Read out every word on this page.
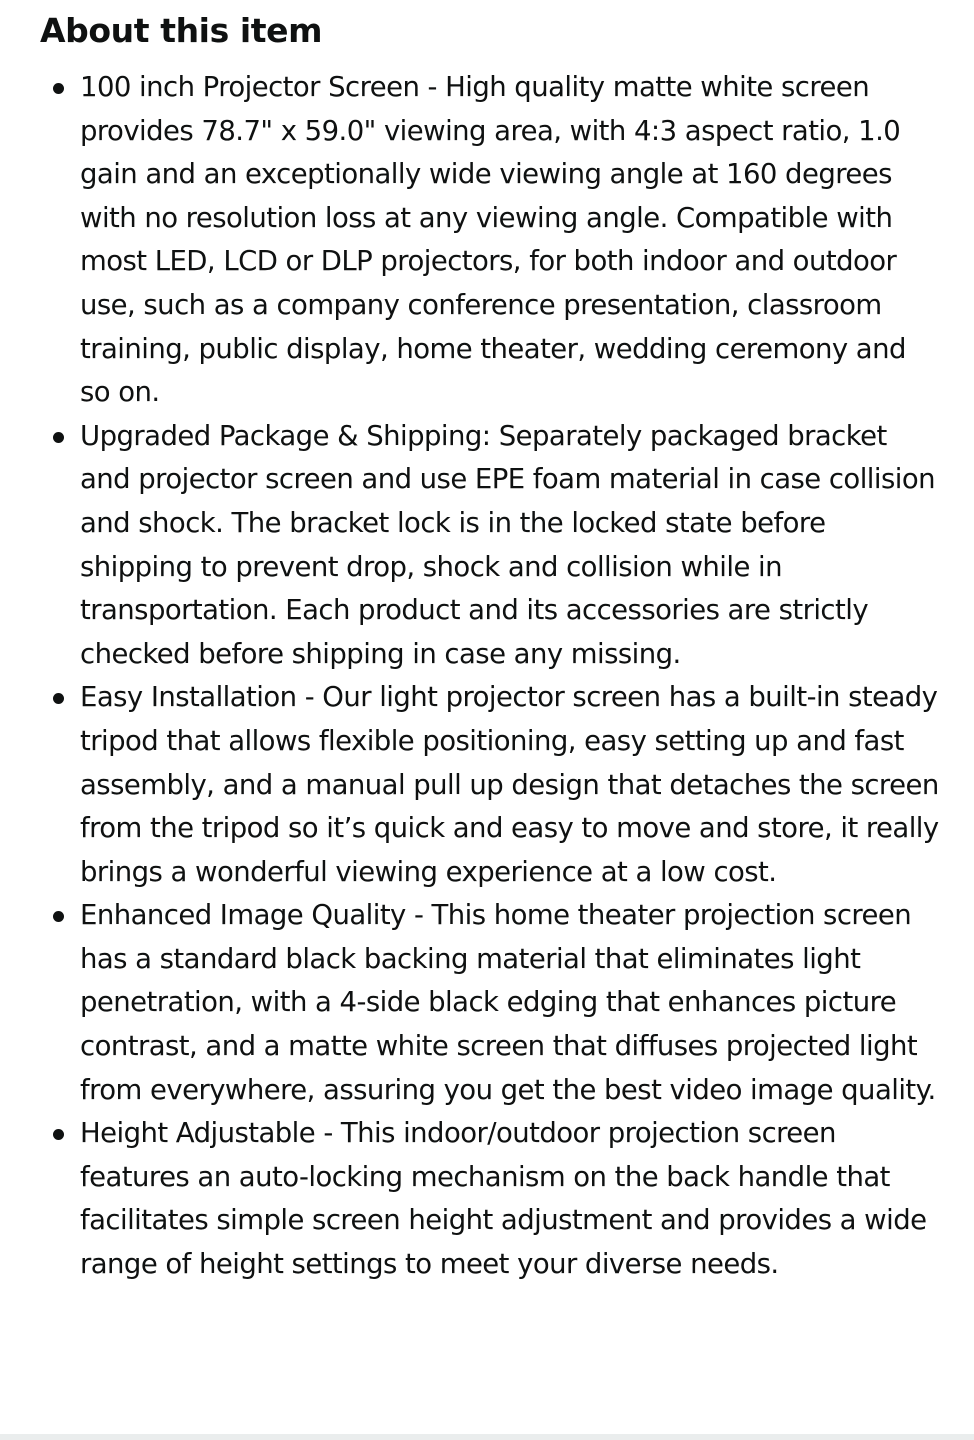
About this item
100 inch Projector Screen - High quality matte white screen provides 78.7" x 59.0" viewing area, with 4:3 aspect ratio, 1.0 gain and an exceptionally wide viewing angle at 160 degrees with no resolution loss at any viewing angle. Compatible with most LED, LCD or DLP projectors, for both indoor and outdoor use, such as a company conference presentation, classroom training, public display, home theater, wedding ceremony and so on.
Upgraded Package & Shipping: Separately packaged bracket and projector screen and use EPE foam material in case collision and shock. The bracket lock is in the locked state before shipping to prevent drop, shock and collision while in transportation. Each product and its accessories are strictly checked before shipping in case any missing.
Easy Installation - Our light projector screen has a built-in steady tripod that allows flexible positioning, easy setting up and fast assembly, and a manual pull up design that detaches the screen from the tripod so it’s quick and easy to move and store, it really brings a wonderful viewing experience at a low cost.
Enhanced Image Quality - This home theater projection screen has a standard black backing material that eliminates light penetration, with a 4-side black edging that enhances picture contrast, and a matte white screen that diffuses projected light from everywhere, assuring you get the best video image quality.
Height Adjustable - This indoor/outdoor projection screen features an auto-locking mechanism on the back handle that facilitates simple screen height adjustment and provides a wide range of height settings to meet your diverse needs.
